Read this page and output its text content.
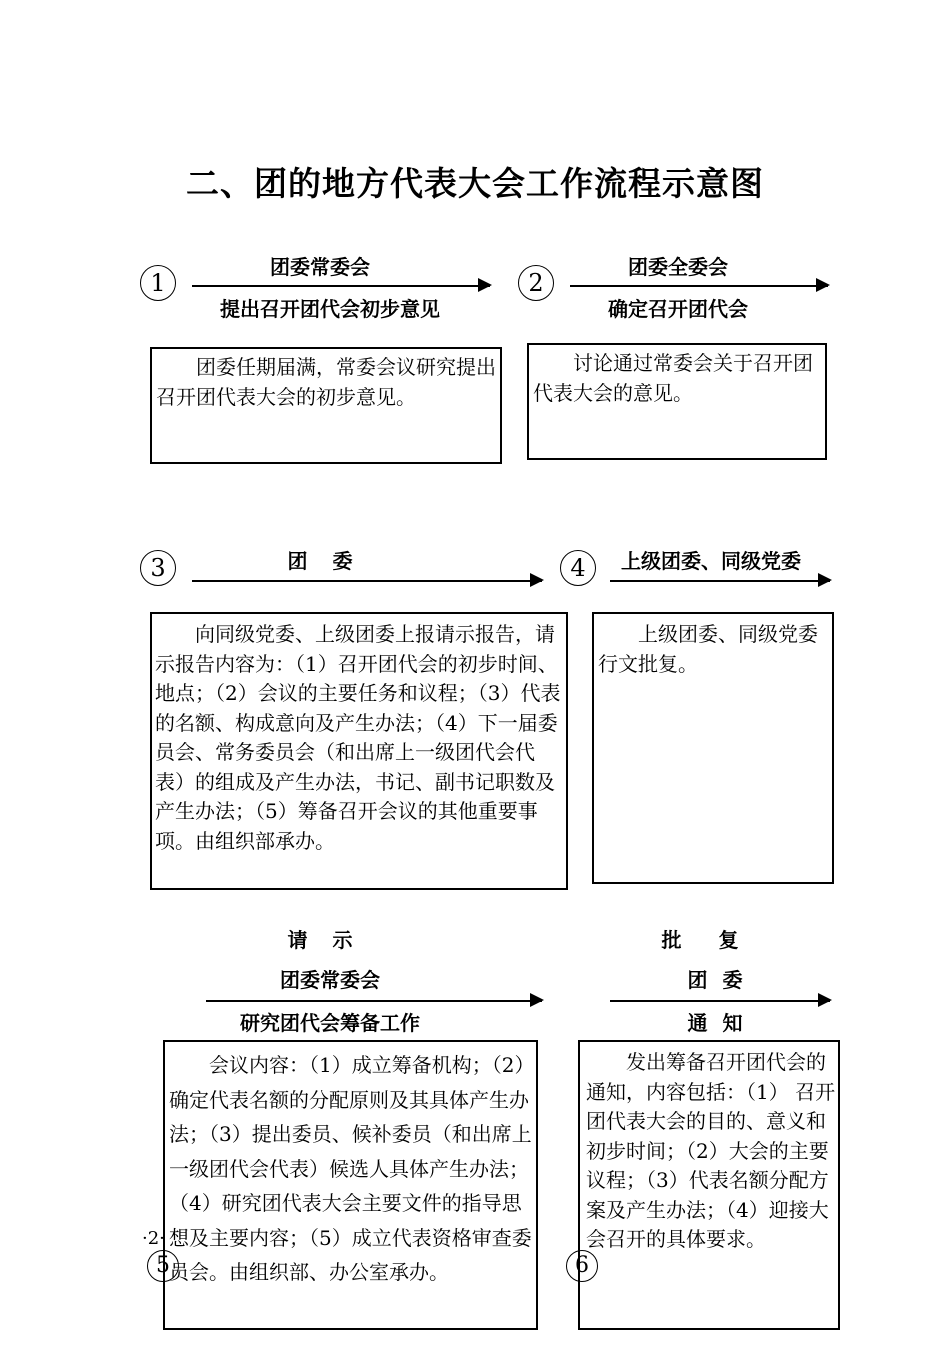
二、团的地方代表大会工作流程示意图
1
团委常委会
提出召开团代会初步意见

团委任期届满，常委会议研究提出召开团代表大会的初步意见。

2
团委全委会
确定召开团代会

讨论通过常委会关于召开团代表大会的意见。

3	团 委

向同级党委、上级团委上报请示报告，请示报告内容为：（1）召开团代会的初步时间、地点；（2）会议的主要任务和议程；（3）代表的名额、构成意向及产生办法；（4）下一届委员会、常务委员会（和出席上一级团代会代表）的组成及产生办法，书记、副书记职数及产生办法；（5）筹备召开会议的其他重要事项。由组织部承办。

4	上级团委、同级党委

上级团委、同级党委行文批复。

请 示
团委常委会
研究团代会筹备工作

会议内容：（1）成立筹备机构；（2）确定代表名额的分配原则及其具体产生办法；（3）提出委员、候补委员（和出席上一级团代会代表）候选人具体产生办法；（4）研究团代表大会主要文件的指导思想及主要内容；（5）成立代表资格审查委员会。由组织部、办公室承办。

·2·
5
批 复
团 委
通 知

发出筹备召开团代会的通知，内容包括：（1） 召开团代表大会的目的、意义和初步时间；（2）大会的主要议程；（3）代表名额分配方案及产生办法；（4）迎接大会召开的具体要求。

6
